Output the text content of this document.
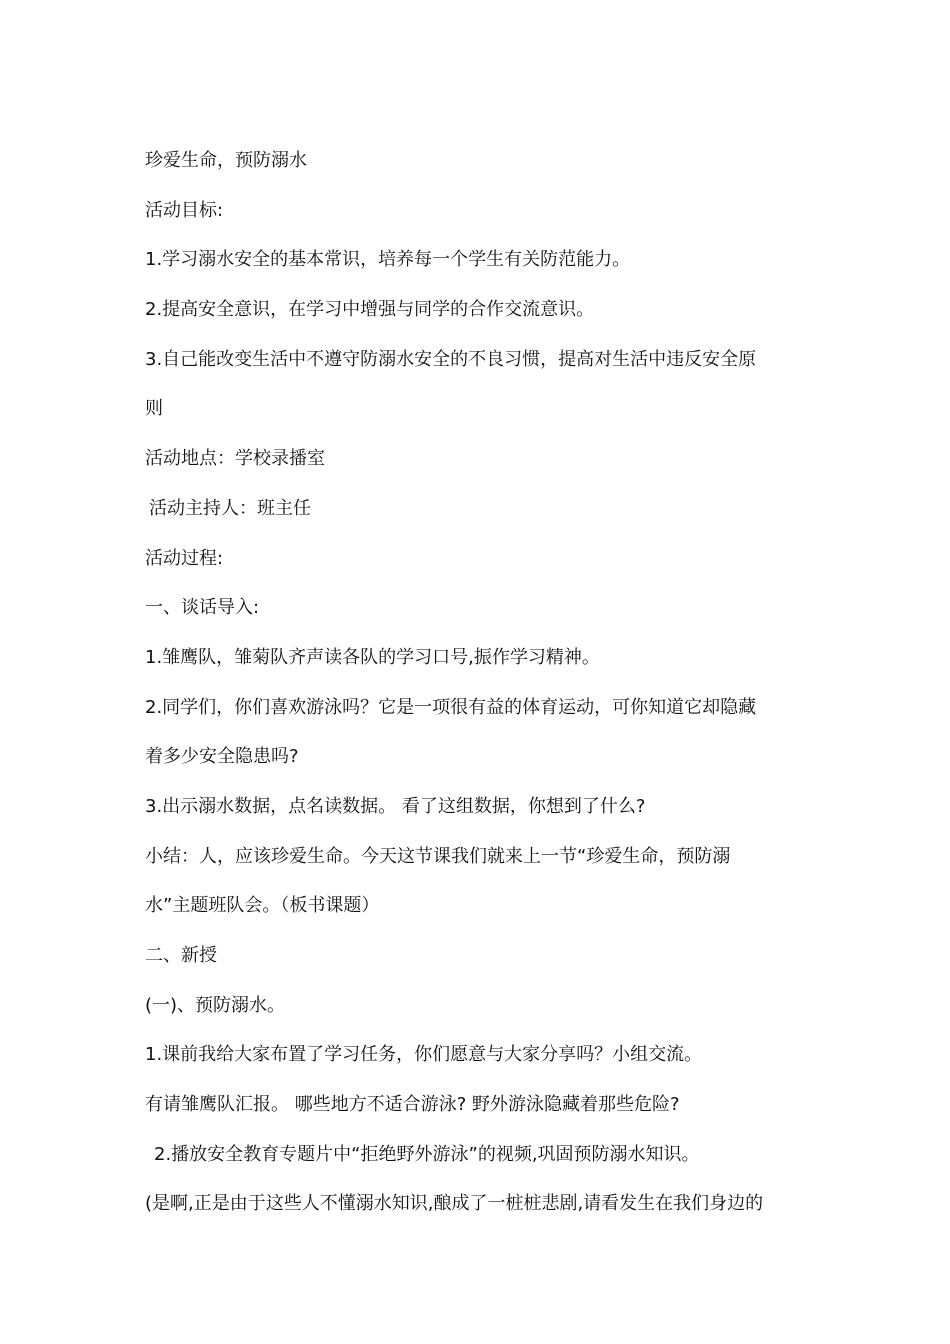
珍爱生命，预防溺水
活动目标:
1.学习溺水安全的基本常识，培养每一个学生有关防范能力。
2.提高安全意识，在学习中增强与同学的合作交流意识。
3.自己能改变生活中不遵守防溺水安全的不良习惯，提高对生活中违反安全原
则
活动地点：学校录播室
活动主持人：班主任
活动过程:
一、谈话导入:
1.雏鹰队，雏菊队齐声读各队的学习口号,振作学习精神。
2.同学们，你们喜欢游泳吗？它是一项很有益的体育运动，可你知道它却隐藏
着多少安全隐患吗?
3.出示溺水数据，点名读数据。 看了这组数据，你想到了什么?
小结：人，应该珍爱生命。今天这节课我们就来上一节“珍爱生命，预防溺
水”主题班队会。（板书课题）
二、新授
(一)、预防溺水。
1.课前我给大家布置了学习任务，你们愿意与大家分享吗？小组交流。
有请雏鹰队汇报。 哪些地方不适合游泳? 野外游泳隐藏着那些危险?
2.播放安全教育专题片中“拒绝野外游泳”的视频,巩固预防溺水知识。
(是啊,正是由于这些人不懂溺水知识,酿成了一桩桩悲剧,请看发生在我们身边的
